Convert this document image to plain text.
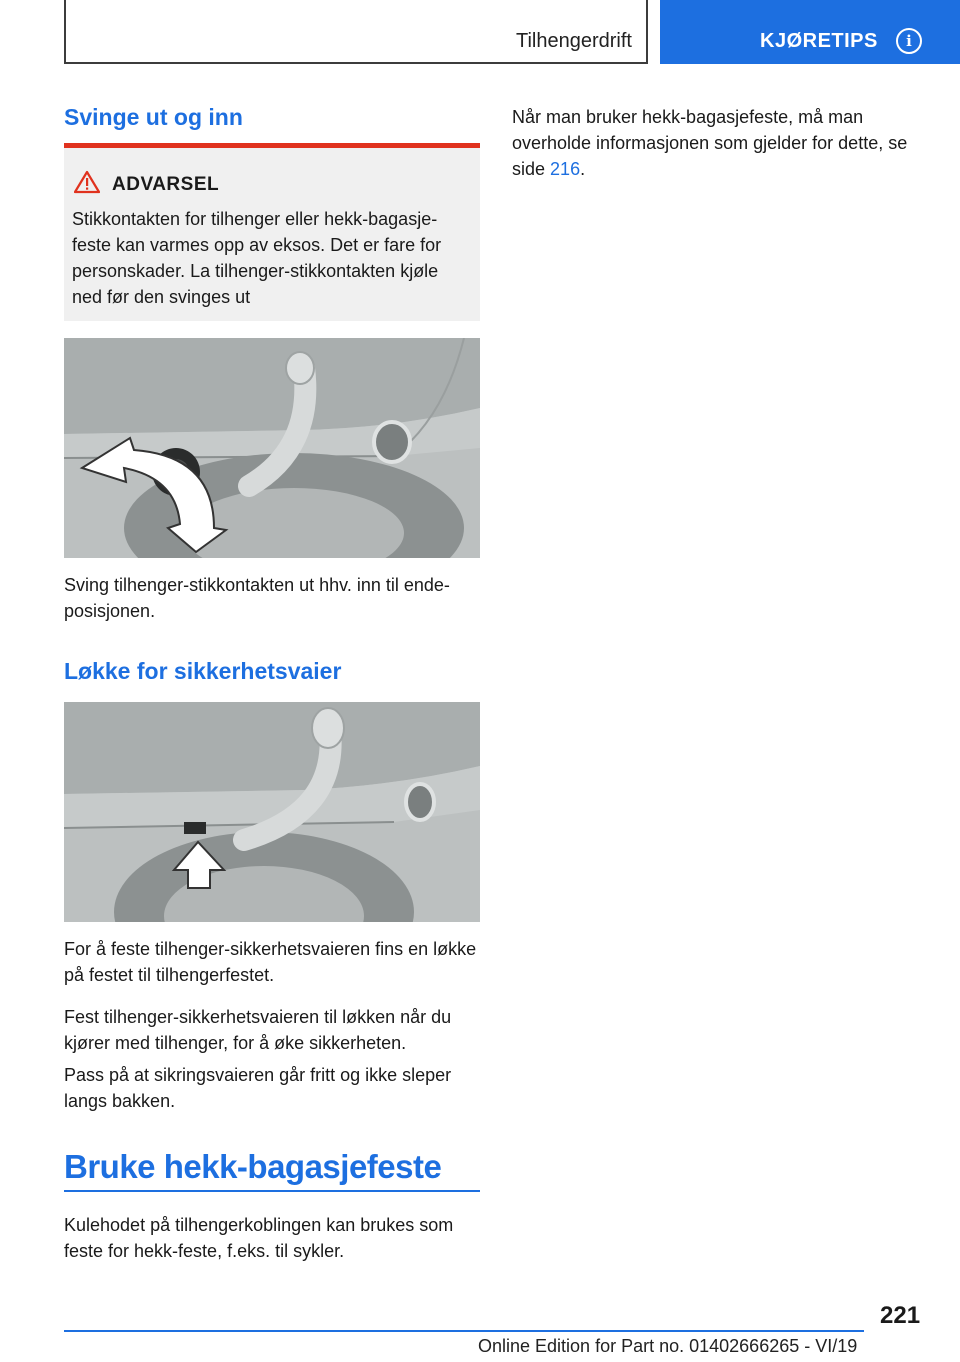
Tilhengerdrift	KJØRETIPS	i
Svinge ut og inn
ADVARSEL
Stikkontakten for tilhenger eller hekk-bagasje-feste kan varmes opp av eksos. Det er fare for personskader. La tilhenger-stikkontakten kjøle ned før den svinges ut
Sving tilhenger-stikkontakten ut hhv. inn til ende-posisjonen.
Løkke for sikkerhetsvaier
For å feste tilhenger-sikkerhetsvaieren fins en løkke på festet til tilhengerfestet.
Fest tilhenger-sikkerhetsvaieren til løkken når du kjører med tilhenger, for å øke sikkerheten.
Pass på at sikringsvaieren går fritt og ikke sleper langs bakken.
Bruke hekk-bagasjefeste
Kulehodet på tilhengerkoblingen kan brukes som feste for hekk-feste, f.eks. til sykler.
Når man bruker hekk-bagasjefeste, må man overholde informasjonen som gjelder for dette, se side 216.
221
Online Edition for Part no. 01402666265 - VI/19
